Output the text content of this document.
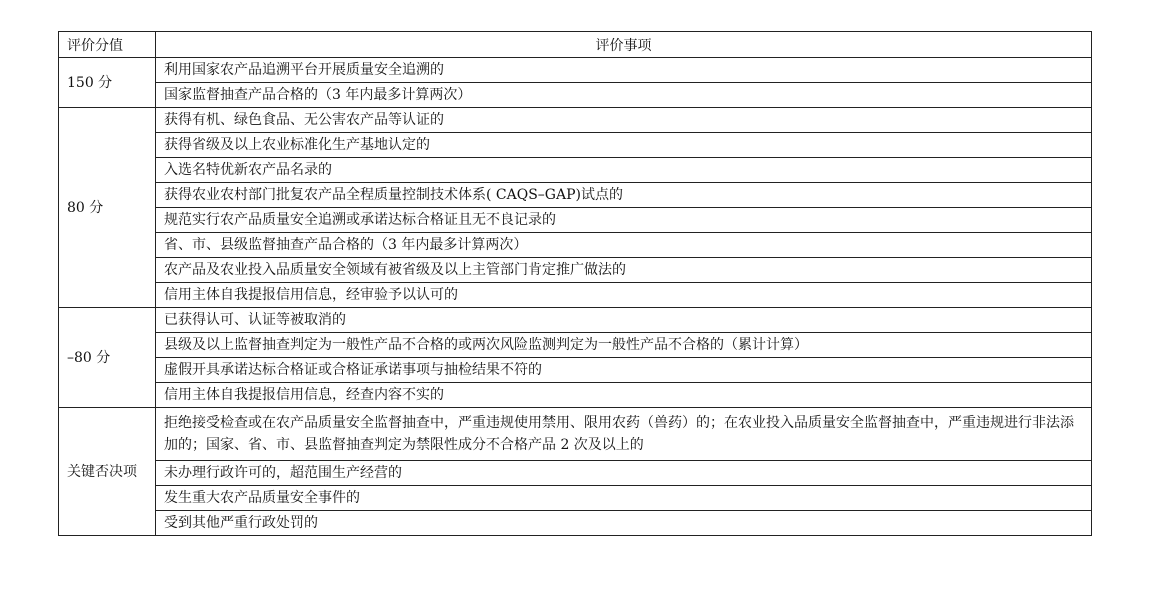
评价分值	评价事项
150 分	利用国家农产品追溯平台开展质量安全追溯的
	国家监督抽查产品合格的（3 年内最多计算两次）
80 分	获得有机、绿色食品、无公害农产品等认证的
	获得省级及以上农业标准化生产基地认定的
	入选名特优新农产品名录的
	获得农业农村部门批复农产品全程质量控制技术体系( CAQS–GAP)试点的
	规范实行农产品质量安全追溯或承诺达标合格证且无不良记录的
	省、市、县级监督抽查产品合格的（3 年内最多计算两次）
	农产品及农业投入品质量安全领域有被省级及以上主管部门肯定推广做法的
	信用主体自我提报信用信息，经审验予以认可的
–80 分	已获得认可、认证等被取消的
	县级及以上监督抽查判定为一般性产品不合格的或两次风险监测判定为一般性产品不合格的（累计计算）
	虚假开具承诺达标合格证或合格证承诺事项与抽检结果不符的
	信用主体自我提报信用信息，经查内容不实的
关键否决项	拒绝接受检查或在农产品质量安全监督抽查中，严重违规使用禁用、限用农药（兽药）的；在农业投入品质量安全监督抽查中，严重违规进行非法添加的；国家、省、市、县监督抽查判定为禁限性成分不合格产品 2 次及以上的
	未办理行政许可的，超范围生产经营的
	发生重大农产品质量安全事件的
	受到其他严重行政处罚的
